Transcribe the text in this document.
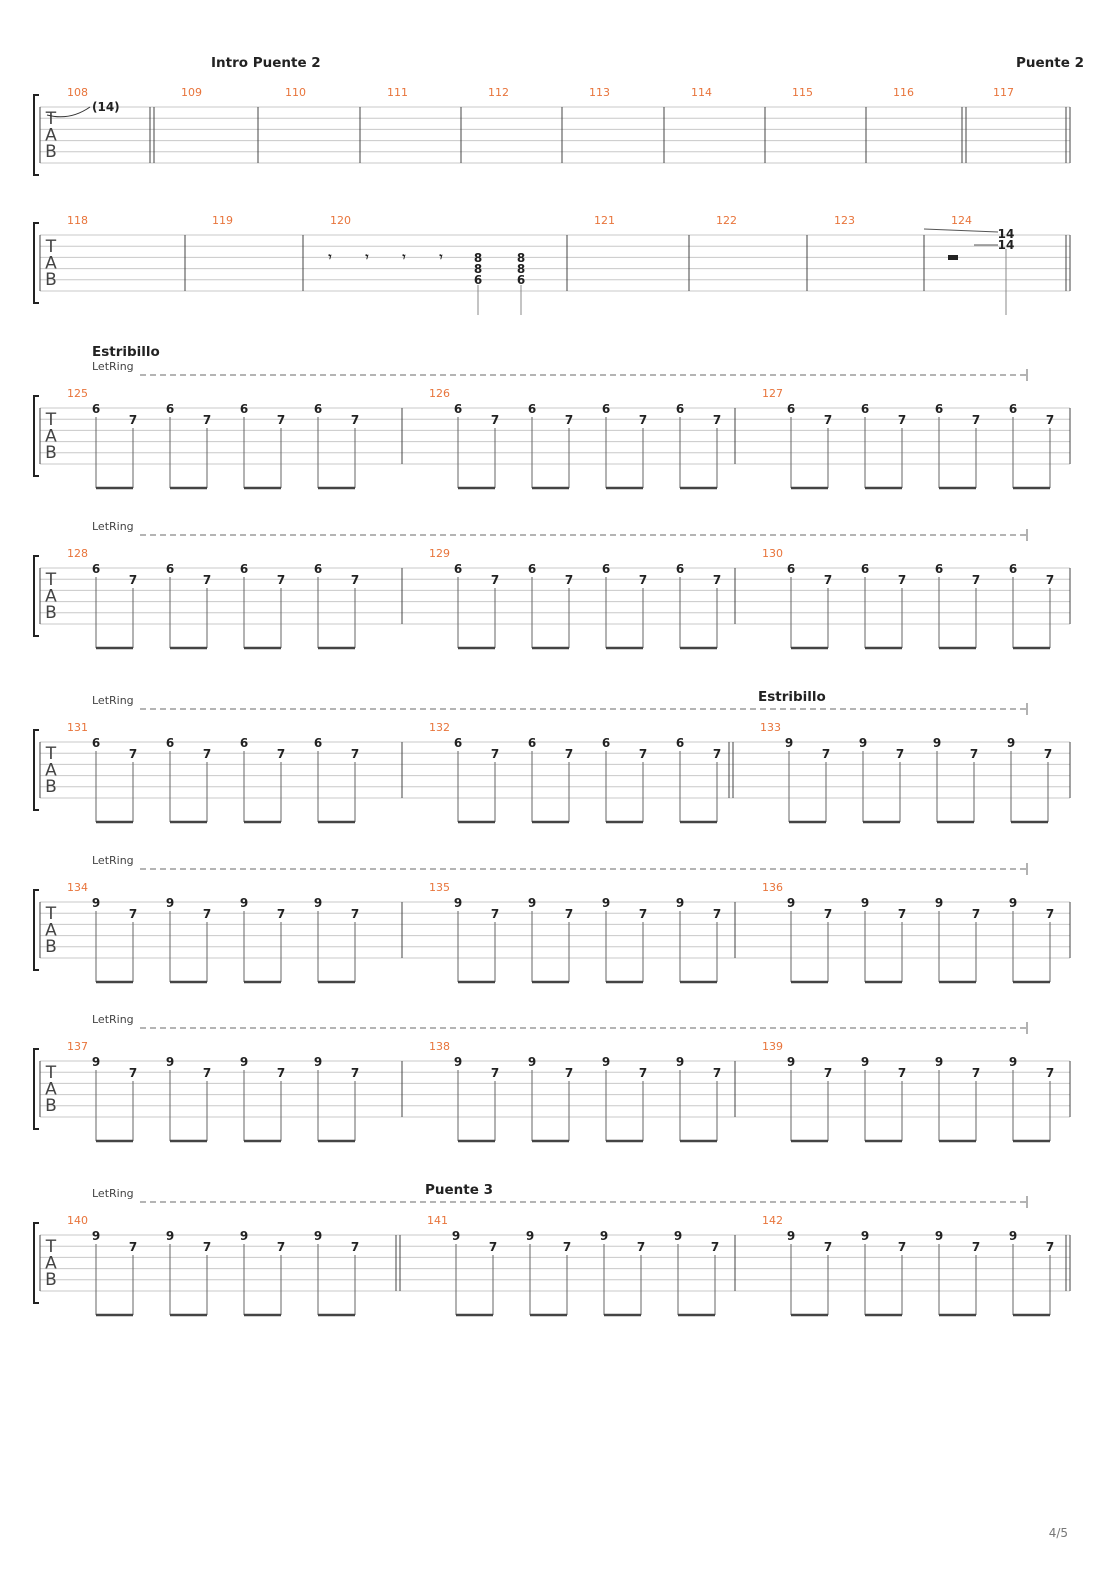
T
A
B
108
(14)
109	110	111	112	113	114	115	116	117
Intro Puente 2	Puente 2
T
A
B
118	119	120
𝄾	𝄾	𝄾	𝄾	8
8
6
8
8
6
121	122	123	124
14
14
T
A
B
125
6
7
6
7
6
7
6
7
126
6
7
6
7
6
7
6
7
127
6
7
6
7
6
7
6
7
LetRing
Estribillo
T
A
B
128
6
7
6
7
6
7
6
7
129
6
7
6
7
6
7
6
7
130
6
7
6
7
6
7
6
7
LetRing
T
A
B
131
6
7
6
7
6
7
6
7
132
6
7
6
7
6
7
6
7
133
9
7
9
7
9
7
9
7
LetRing	Estribillo
T
A
B
134
9
7
9
7
9
7
9
7
135
9
7
9
7
9
7
9
7
136
9
7
9
7
9
7
9
7
LetRing
T
A
B
137
9
7
9
7
9
7
9
7
138
9
7
9
7
9
7
9
7
139
9
7
9
7
9
7
9
7
LetRing
T
A
B
140
9
7
9
7
9
7
9
7
141
9
7
9
7
9
7
9
7
142
9
7
9
7
9
7
9
7
LetRing	Puente 3
4/5
